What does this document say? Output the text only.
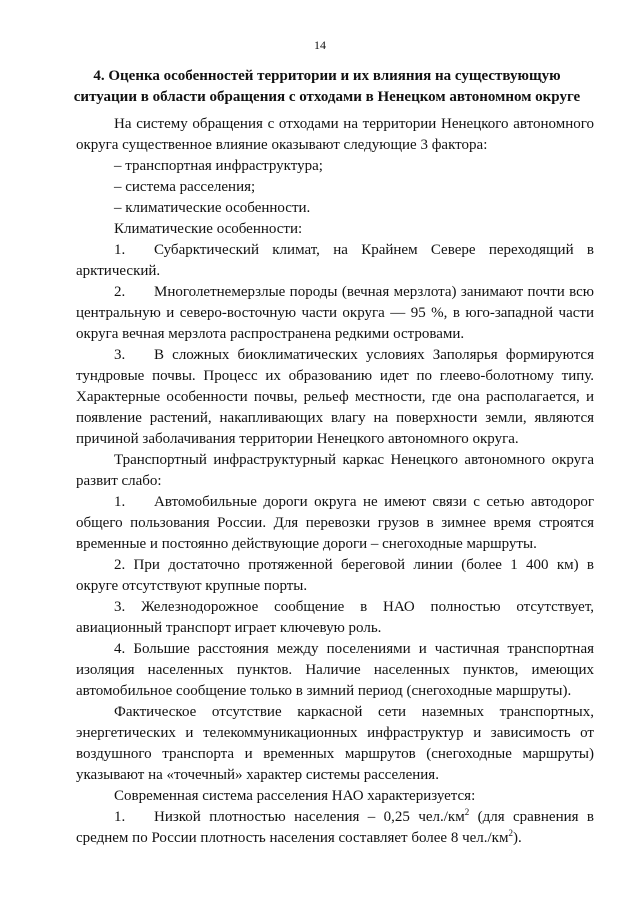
14
4. Оценка особенностей территории и их влияния на существующую ситуации в области обращения с отходами в Ненецком автономном округе

На систему обращения с отходами на территории Ненецкого автономного округа существенное влияние оказывают следующие 3 фактора:

– транспортная инфраструктура;

– система расселения;

– климатические особенности.

Климатические особенности:

1. Субарктический климат, на Крайнем Севере переходящий в арктический.

2. Многолетнемерзлые породы (вечная мерзлота) занимают почти всю центральную и северо-восточную части округа — 95 %, в юго-западной части округа вечная мерзлота распространена редкими островами.

3. В сложных биоклиматических условиях Заполярья формируются тундровые почвы. Процесс их образованию идет по глеево-болотному типу. Характерные особенности почвы, рельеф местности, где она располагается, и появление растений, накапливающих влагу на поверхности земли, являются причиной заболачивания территории Ненецкого автономного округа.

Транспортный инфраструктурный каркас Ненецкого автономного округа развит слабо:

1. Автомобильные дороги округа не имеют связи с сетью автодорог общего пользования России. Для перевозки грузов в зимнее время строятся временные и постоянно действующие дороги – снегоходные маршруты.

2. При достаточно протяженной береговой линии (более 1 400 км) в округе отсутствуют крупные порты.

3. Железнодорожное сообщение в НАО полностью отсутствует, авиационный транспорт играет ключевую роль.

4. Большие расстояния между поселениями и частичная транспортная изоляция населенных пунктов. Наличие населенных пунктов, имеющих автомобильное сообщение только в зимний период (снегоходные маршруты).

Фактическое отсутствие каркасной сети наземных транспортных, энергетических и телекоммуникационных инфраструктур и зависимость от воздушного транспорта и временных маршрутов (снегоходные маршруты) указывают на «точечный» характер системы расселения.

Современная система расселения НАО характеризуется:

1. Низкой плотностью населения – 0,25 $чел./км^2$ (для сравнения в среднем по России плотность населения составляет более 8 $чел./км^2$).
